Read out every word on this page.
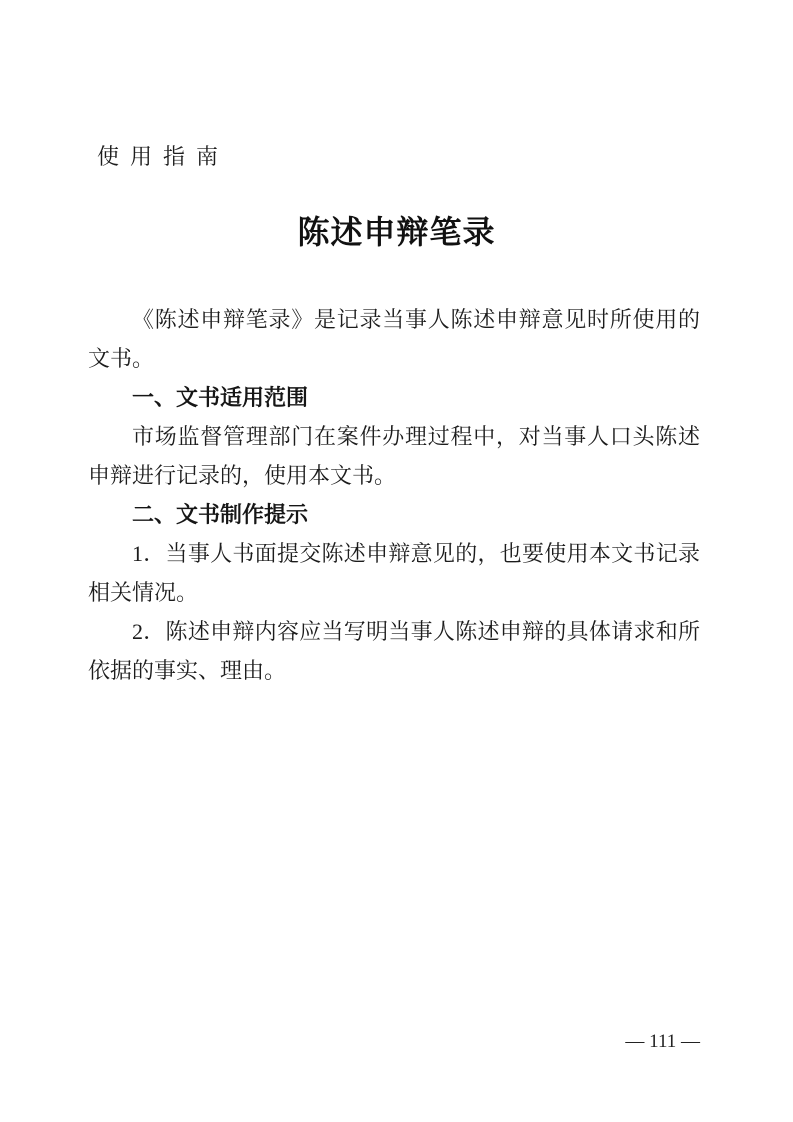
使用指南
陈述申辩笔录

《陈述申辩笔录》是记录当事人陈述申辩意见时所使用的文书。

一、文书适用范围

市场监督管理部门在案件办理过程中，对当事人口头陈述申辩进行记录的，使用本文书。

二、文书制作提示

1．当事人书面提交陈述申辩意见的，也要使用本文书记录相关情况。

2．陈述申辩内容应当写明当事人陈述申辩的具体请求和所依据的事实、理由。

— 111 —
